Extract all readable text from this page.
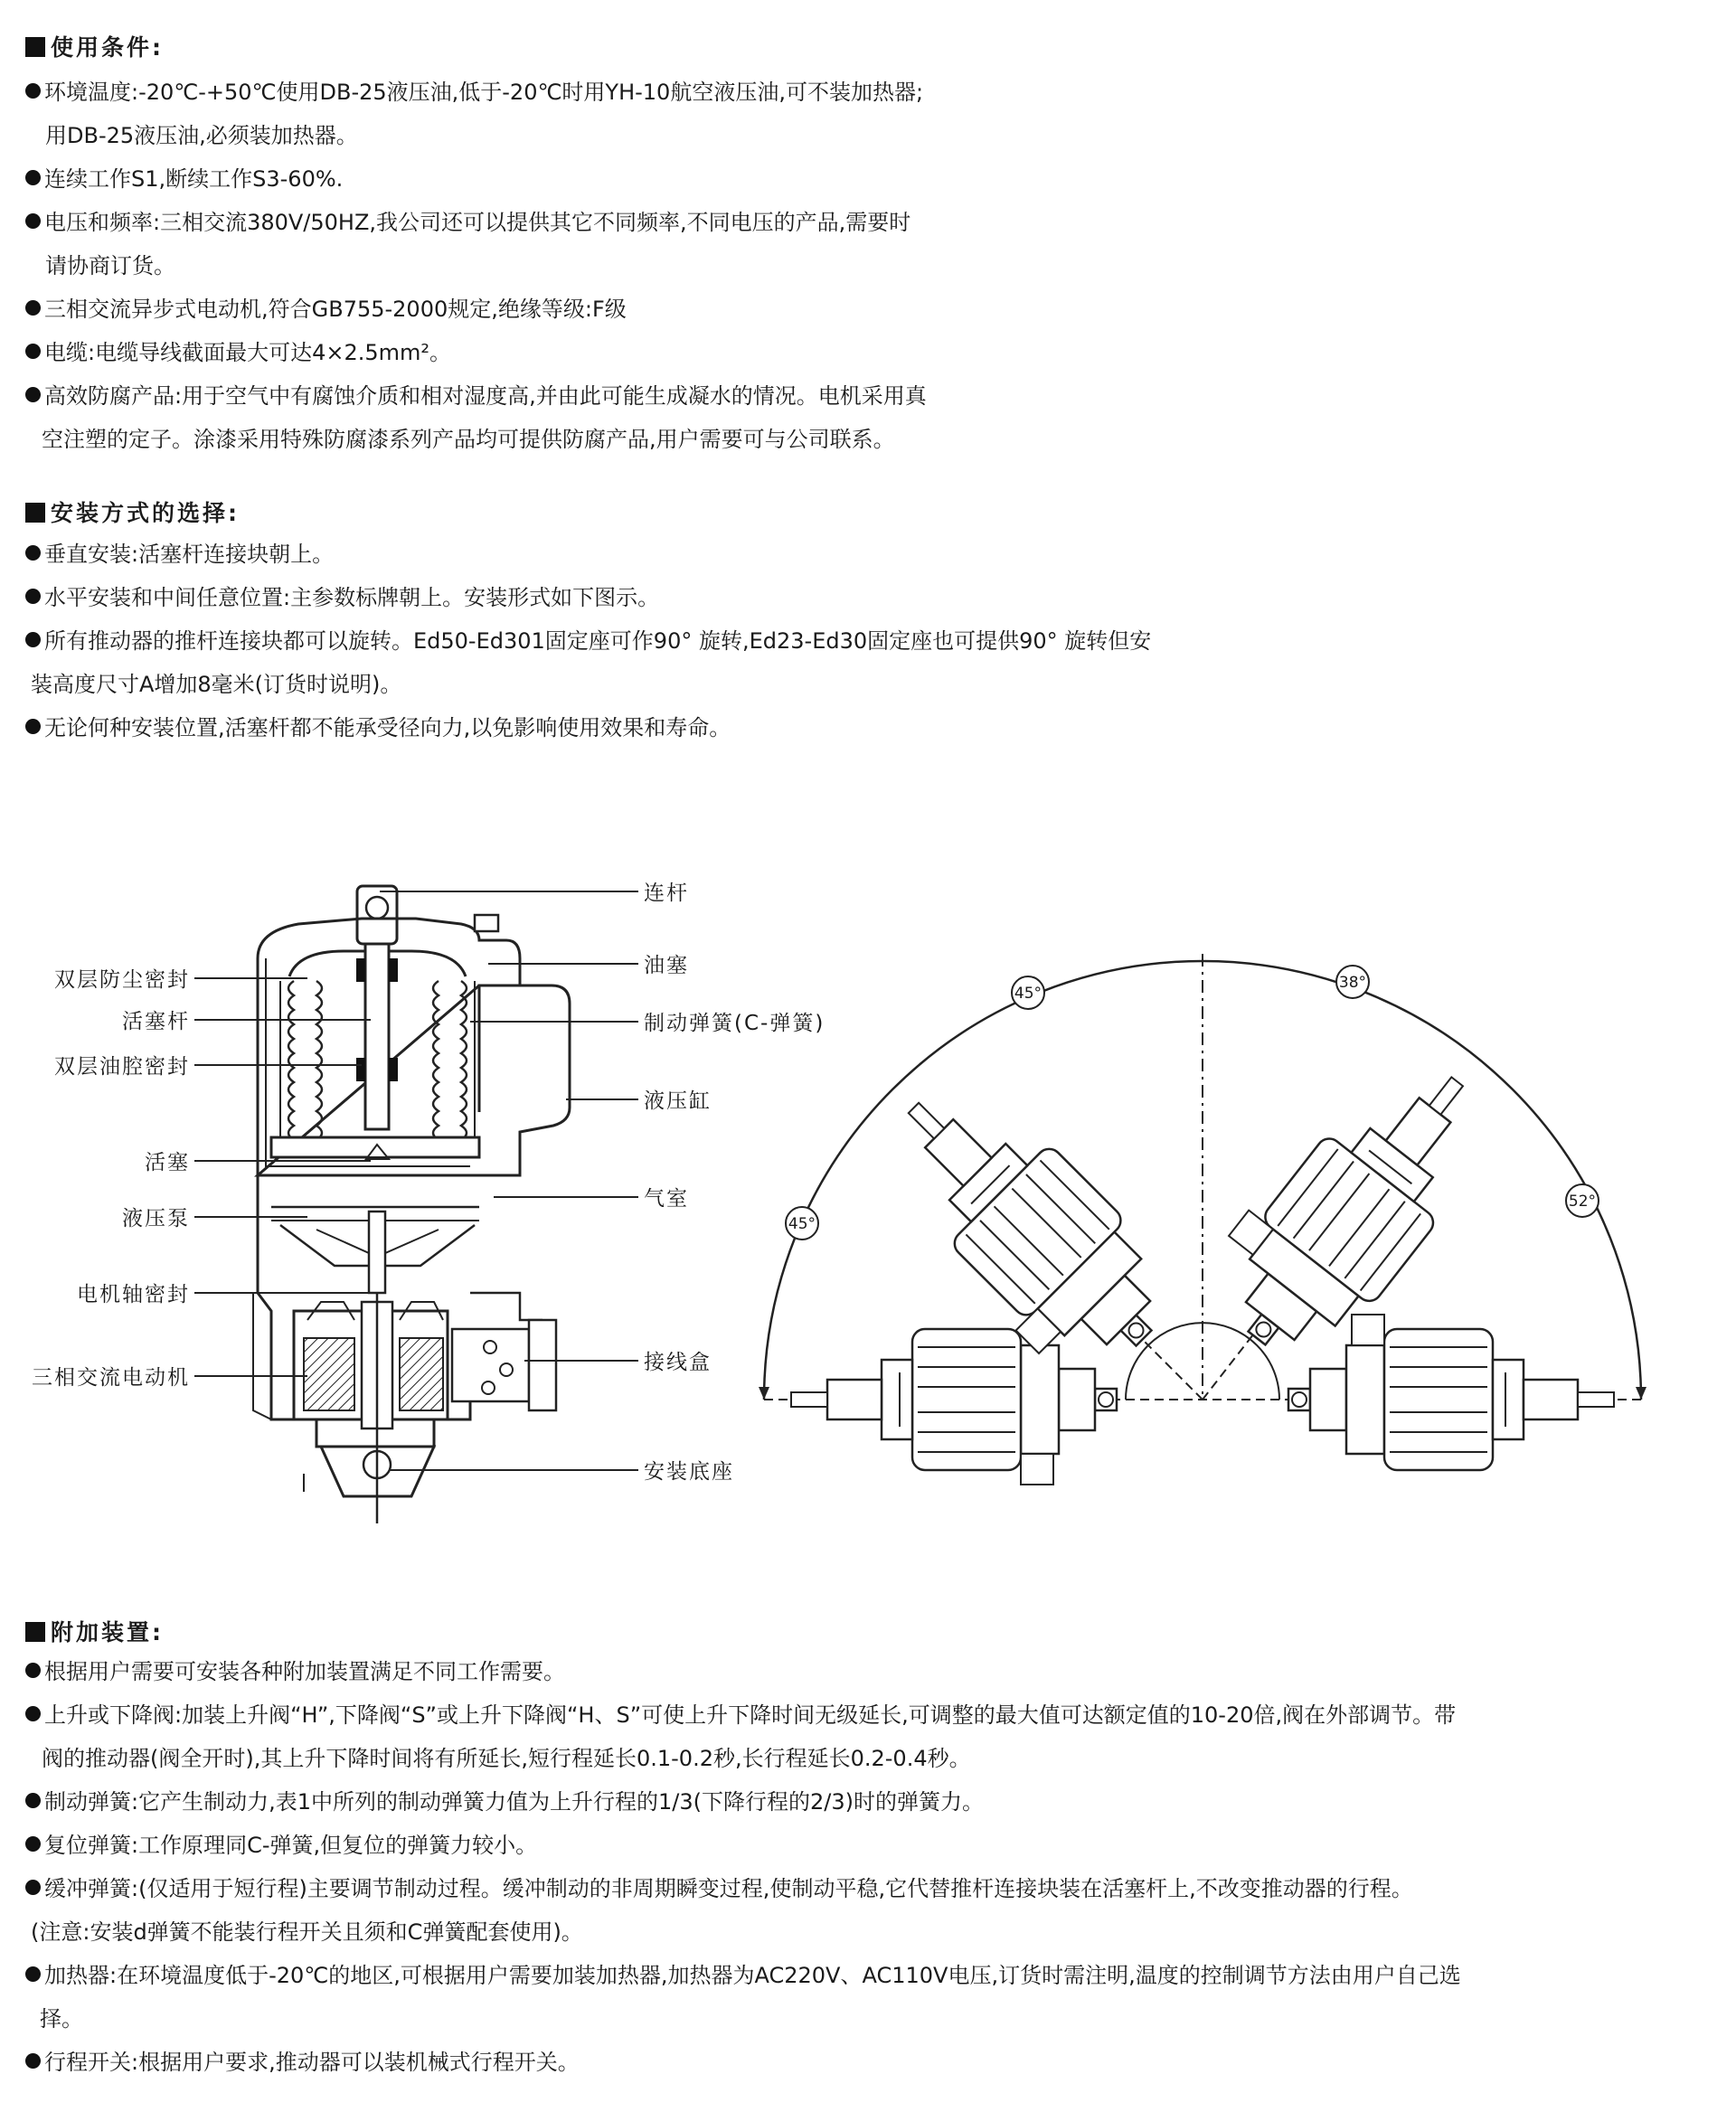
使用条件:
环境温度:-20℃-+50℃使用DB-25液压油,低于-20℃时用YH-10航空液压油,可不装加热器;
用DB-25液压油,必须装加热器。
连续工作S1,断续工作S3-60%.
电压和频率:三相交流380V/50HZ,我公司还可以提供其它不同频率,不同电压的产品,需要时
请协商订货。
三相交流异步式电动机,符合GB755-2000规定,绝缘等级:F级
电缆:电缆导线截面最大可达4×2.5mm²。
高效防腐产品:用于空气中有腐蚀介质和相对湿度高,并由此可能生成凝水的情况。电机采用真
空注塑的定子。涂漆采用特殊防腐漆系列产品均可提供防腐产品,用户需要可与公司联系。
安装方式的选择:
垂直安装:活塞杆连接块朝上。
水平安装和中间任意位置:主参数标牌朝上。安装形式如下图示。
所有推动器的推杆连接块都可以旋转。Ed50-Ed301固定座可作90° 旋转,Ed23-Ed30固定座也可提供90° 旋转但安
装高度尺寸A增加8毫米(订货时说明)。
无论何种安装位置,活塞杆都不能承受径向力,以免影响使用效果和寿命。
双层防尘密封
活塞杆
双层油腔密封
活塞
液压泵
电机轴密封
三相交流电动机
连杆
油塞
制动弹簧(C-弹簧)
液压缸
气室
接线盒
安装底座
45°
38°
45°
52°
附加装置:
根据用户需要可安装各种附加装置满足不同工作需要。
上升或下降阀:加装上升阀“H”,下降阀“S”或上升下降阀“H、S”可使上升下降时间无级延长,可调整的最大值可达额定值的10-20倍,阀在外部调节。带
阀的推动器(阀全开时),其上升下降时间将有所延长,短行程延长0.1-0.2秒,长行程延长0.2-0.4秒。
制动弹簧:它产生制动力,表1中所列的制动弹簧力值为上升行程的1/3(下降行程的2/3)时的弹簧力。
复位弹簧:工作原理同C-弹簧,但复位的弹簧力较小。
缓冲弹簧:(仅适用于短行程)主要调节制动过程。缓冲制动的非周期瞬变过程,使制动平稳,它代替推杆连接块装在活塞杆上,不改变推动器的行程。
(注意:安装d弹簧不能装行程开关且须和C弹簧配套使用)。
加热器:在环境温度低于-20℃的地区,可根据用户需要加装加热器,加热器为AC220V、AC110V电压,订货时需注明,温度的控制调节方法由用户自己选
择。
行程开关:根据用户要求,推动器可以装机械式行程开关。
